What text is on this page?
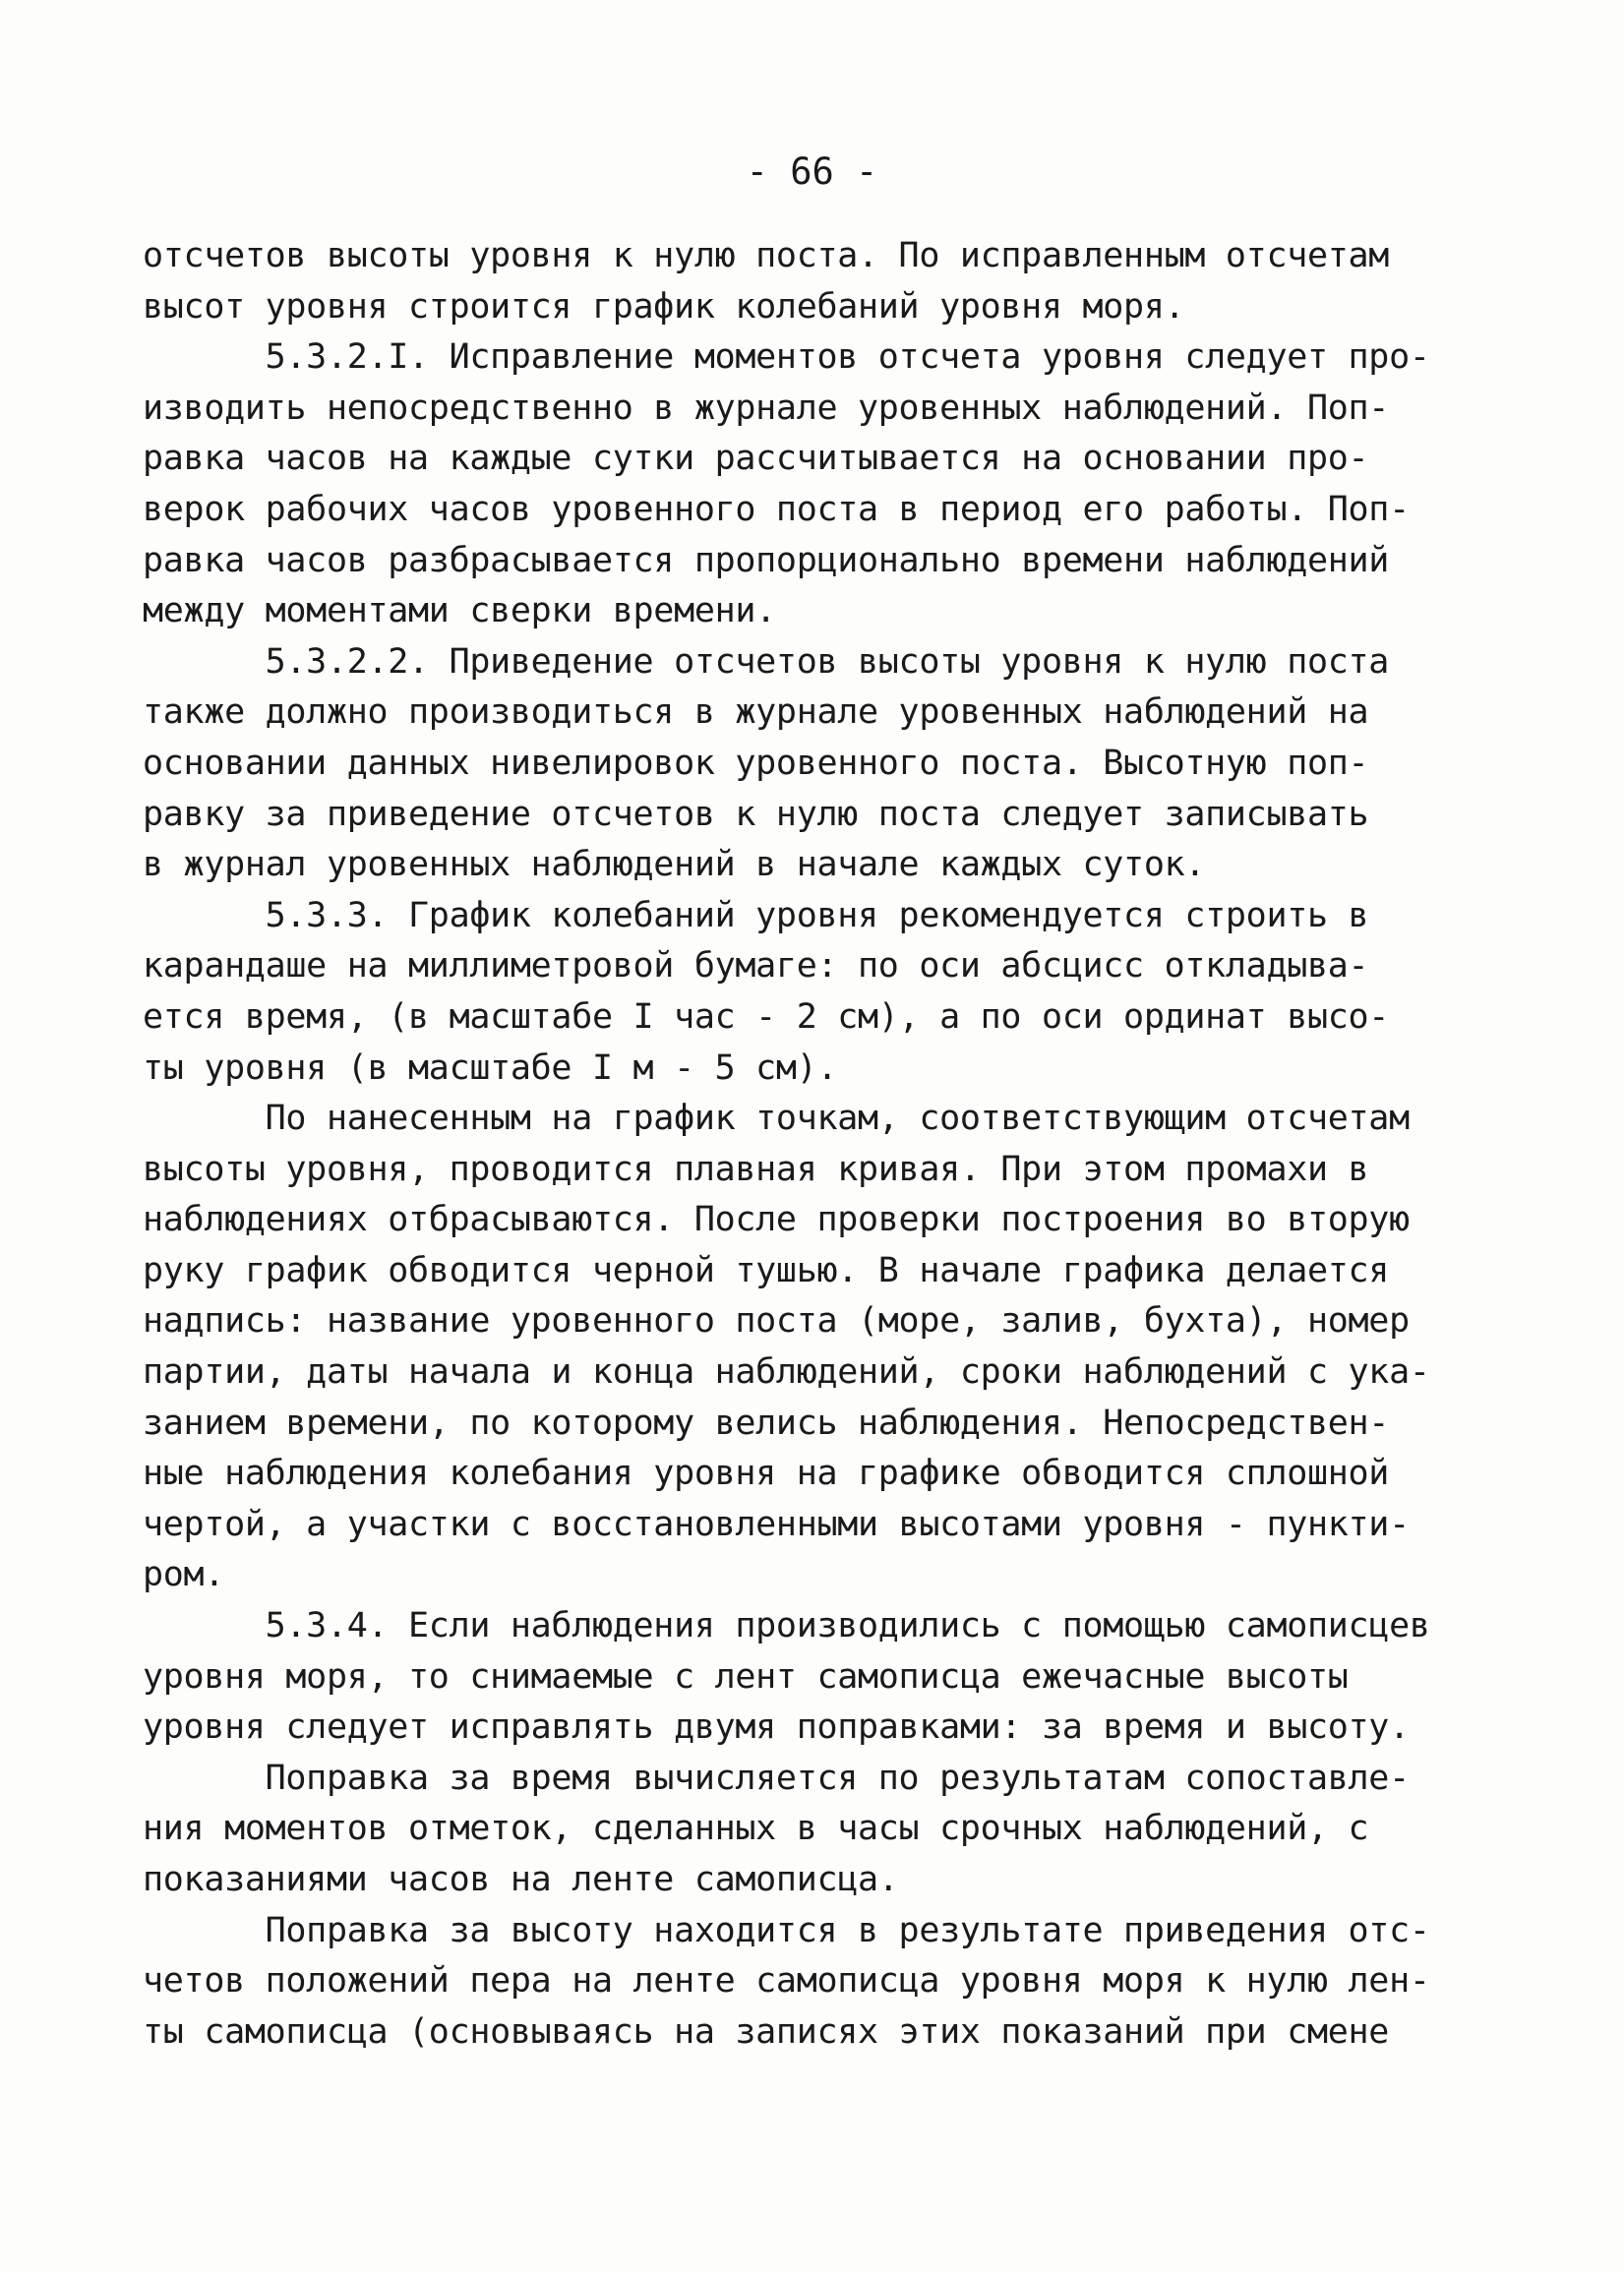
- 66 -
отсчетов высоты уровня к нулю поста. По исправленным отсчетам
высот уровня строится график колебаний уровня моря.
5.3.2.I. Исправление моментов отсчета уровня следует про-
изводить непосредственно в журнале уровенных наблюдений. Поп-
равка часов на каждые сутки рассчитывается на основании про-
верок рабочих часов уровенного поста в период его работы. Поп-
равка часов разбрасывается пропорционально времени наблюдений
между моментами сверки времени.
5.3.2.2. Приведение отсчетов высоты уровня к нулю поста
также должно производиться в журнале уровенных наблюдений на
основании данных нивелировок уровенного поста. Высотную поп-
равку за приведение отсчетов к нулю поста следует записывать
в журнал уровенных наблюдений в начале каждых суток.
5.3.3. График колебаний уровня рекомендуется строить в
карандаше на миллиметровой бумаге: по оси абсцисс откладыва-
ется время, (в масштабе I час - 2 см), а по оси ординат высо-
ты уровня (в масштабе I м - 5 см).
По нанесенным на график точкам, соответствующим отсчетам
высоты уровня, проводится плавная кривая. При этом промахи в
наблюдениях отбрасываются. После проверки построения во вторую
руку график обводится черной тушью. В начале графика делается
надпись: название уровенного поста (море, залив, бухта), номер
партии, даты начала и конца наблюдений, сроки наблюдений с ука-
занием времени, по которому велись наблюдения. Непосредствен-
ные наблюдения колебания уровня на графике обводится сплошной
чертой, а участки с восстановленными высотами уровня - пункти-
ром.
5.3.4. Если наблюдения производились с помощью самописцев
уровня моря, то снимаемые с лент самописца ежечасные высоты
уровня следует исправлять двумя поправками: за время и высоту.
Поправка за время вычисляется по результатам сопоставле-
ния моментов отметок, сделанных в часы срочных наблюдений, с
показаниями часов на ленте самописца.
Поправка за высоту находится в результате приведения отс-
четов положений пера на ленте самописца уровня моря к нулю лен-
ты самописца (основываясь на записях этих показаний при смене
